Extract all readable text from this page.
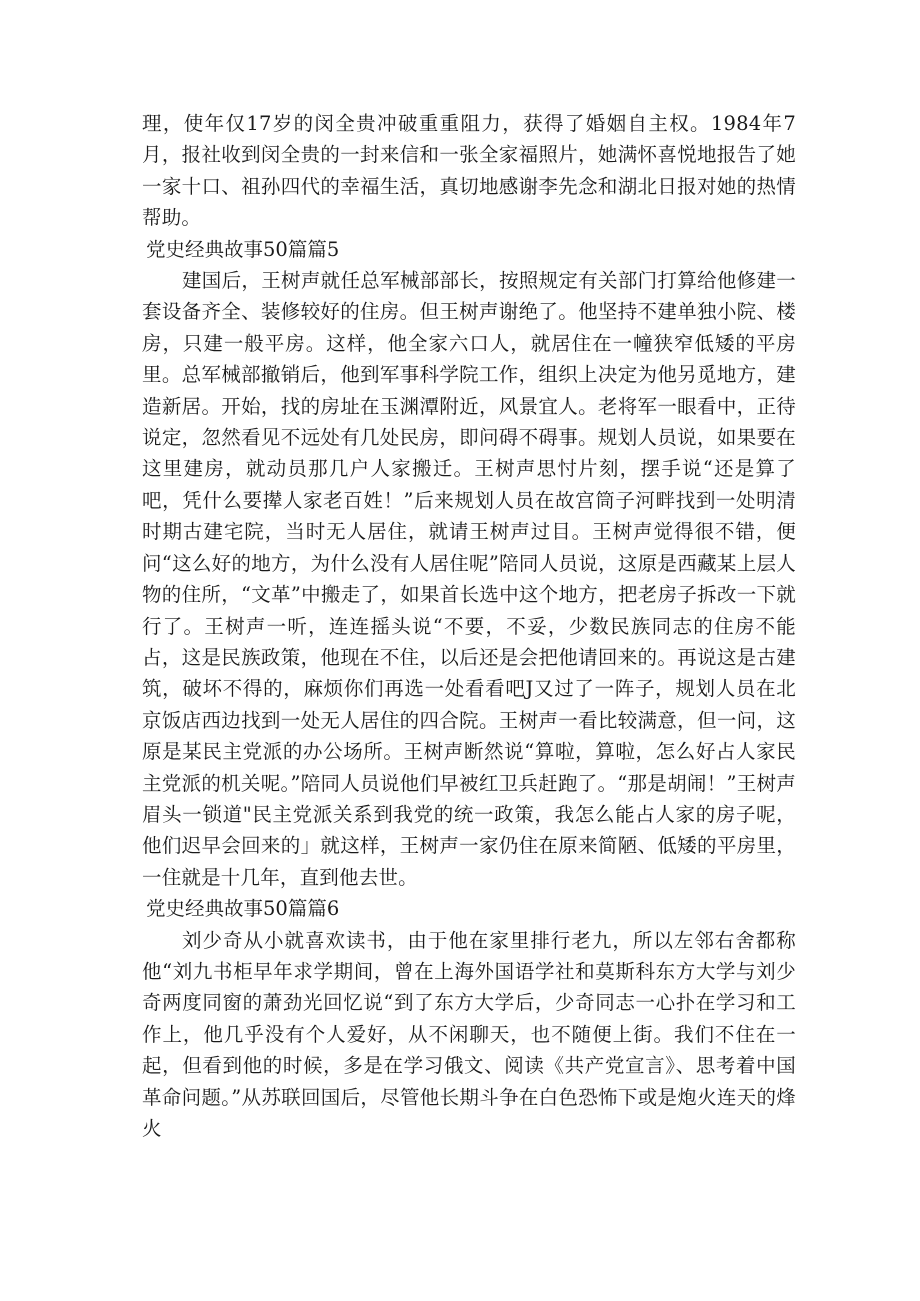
理，使年仅17岁的闵全贵冲破重重阻力，获得了婚姻自主权。1984年7月，报社收到闵全贵的一封来信和一张全家福照片，她满怀喜悦地报告了她一家十口、祖孙四代的幸福生活，真切地感谢李先念和湖北日报对她的热情帮助。

党史经典故事50篇篇5

建国后，王树声就任总军械部部长，按照规定有关部门打算给他修建一套设备齐全、装修较好的住房。但王树声谢绝了。他坚持不建单独小院、楼房，只建一般平房。这样，他全家六口人，就居住在一幢狭窄低矮的平房里。总军械部撤销后，他到军事科学院工作，组织上决定为他另觅地方，建造新居。开始，找的房址在玉渊潭附近，风景宜人。老将军一眼看中，正待说定，忽然看见不远处有几处民房，即问碍不碍事。规划人员说，如果要在这里建房，就动员那几户人家搬迁。王树声思忖片刻，摆手说“还是算了吧，凭什么要撵人家老百姓！”后来规划人员在故宫筒子河畔找到一处明清时期古建宅院，当时无人居住，就请王树声过目。王树声觉得很不错，便问“这么好的地方，为什么没有人居住呢”陪同人员说，这原是西藏某上层人物的住所，“文革”中搬走了，如果首长选中这个地方，把老房子拆改一下就行了。王树声一听，连连摇头说“不要，不妥，少数民族同志的住房不能占，这是民族政策，他现在不住，以后还是会把他请回来的。再说这是古建筑，破坏不得的，麻烦你们再选一处看看吧J又过了一阵子，规划人员在北京饭店西边找到一处无人居住的四合院。王树声一看比较满意，但一问，这原是某民主党派的办公场所。王树声断然说“算啦，算啦，怎么好占人家民主党派的机关呢。”陪同人员说他们早被红卫兵赶跑了。“那是胡闹！”王树声眉头一锁道"民主党派关系到我党的统一政策，我怎么能占人家的房子呢，他们迟早会回来的」就这样，王树声一家仍住在原来简陋、低矮的平房里，一住就是十几年，直到他去世。

党史经典故事50篇篇6

刘少奇从小就喜欢读书，由于他在家里排行老九，所以左邻右舍都称他“刘九书柜早年求学期间，曾在上海外国语学社和莫斯科东方大学与刘少奇两度同窗的萧劲光回忆说“到了东方大学后，少奇同志一心扑在学习和工作上，他几乎没有个人爱好，从不闲聊天，也不随便上街。我们不住在一起，但看到他的时候，多是在学习俄文、阅读《共产党宣言》、思考着中国革命问题。”从苏联回国后，尽管他长期斗争在白色恐怖下或是炮火连天的烽火
